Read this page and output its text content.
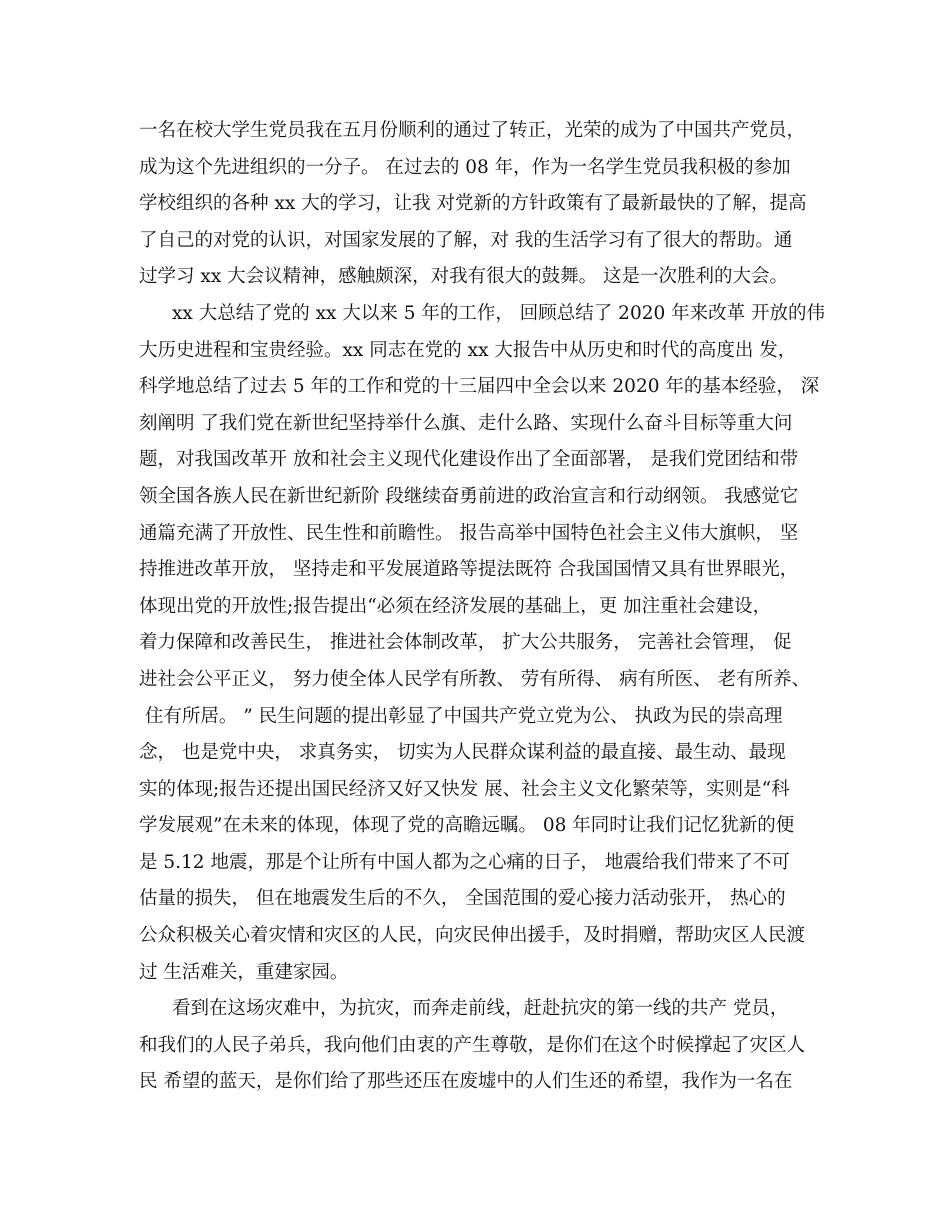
一名在校大学生党员我在五月份顺利的通过了转正，光荣的成为了中国共产党员，
成为这个先进组织的一分子。 在过去的 08 年，作为一名学生党员我积极的参加
学校组织的各种 xx 大的学习，让我 对党新的方针政策有了最新最快的了解，提高
了自己的对党的认识，对国家发展的了解，对 我的生活学习有了很大的帮助。通
过学习 xx 大会议精神，感触颇深，对我有很大的鼓舞。 这是一次胜利的大会。
xx 大总结了党的 xx 大以来 5 年的工作， 回顾总结了 2020 年来改革 开放的伟
大历史进程和宝贵经验。xx 同志在党的 xx 大报告中从历史和时代的高度出 发，
科学地总结了过去 5 年的工作和党的十三届四中全会以来 2020 年的基本经验， 深
刻阐明 了我们党在新世纪坚持举什么旗、走什么路、实现什么奋斗目标等重大问
题，对我国改革开 放和社会主义现代化建设作出了全面部署， 是我们党团结和带
领全国各族人民在新世纪新阶 段继续奋勇前进的政治宣言和行动纲领。 我感觉它
通篇充满了开放性、民生性和前瞻性。 报告高举中国特色社会主义伟大旗帜， 坚
持推进改革开放， 坚持走和平发展道路等提法既符 合我国国情又具有世界眼光，
体现出党的开放性;报告提出“必须在经济发展的基础上，更 加注重社会建设，
着力保障和改善民生， 推进社会体制改革， 扩大公共服务， 完善社会管理， 促
进社会公平正义， 努力使全体人民学有所教、 劳有所得、 病有所医、 老有所养、
住有所居。 ” 民生问题的提出彰显了中国共产党立党为公、 执政为民的崇高理
念， 也是党中央， 求真务实， 切实为人民群众谋利益的最直接、最生动、最现
实的体现;报告还提出国民经济又好又快发 展、社会主义文化繁荣等，实则是“科
学发展观”在未来的体现，体现了党的高瞻远瞩。 08 年同时让我们记忆犹新的便
是 5.12 地震，那是个让所有中国人都为之心痛的日子， 地震给我们带来了不可
估量的损失， 但在地震发生后的不久， 全国范围的爱心接力活动张开， 热心的
公众积极关心着灾情和灾区的人民，向灾民伸出援手，及时捐赠，帮助灾区人民渡
过 生活难关，重建家园。
看到在这场灾难中，为抗灾，而奔走前线，赶赴抗灾的第一线的共产 党员，
和我们的人民子弟兵，我向他们由衷的产生尊敬，是你们在这个时候撑起了灾区人
民 希望的蓝天，是你们给了那些还压在废墟中的人们生还的希望，我作为一名在
